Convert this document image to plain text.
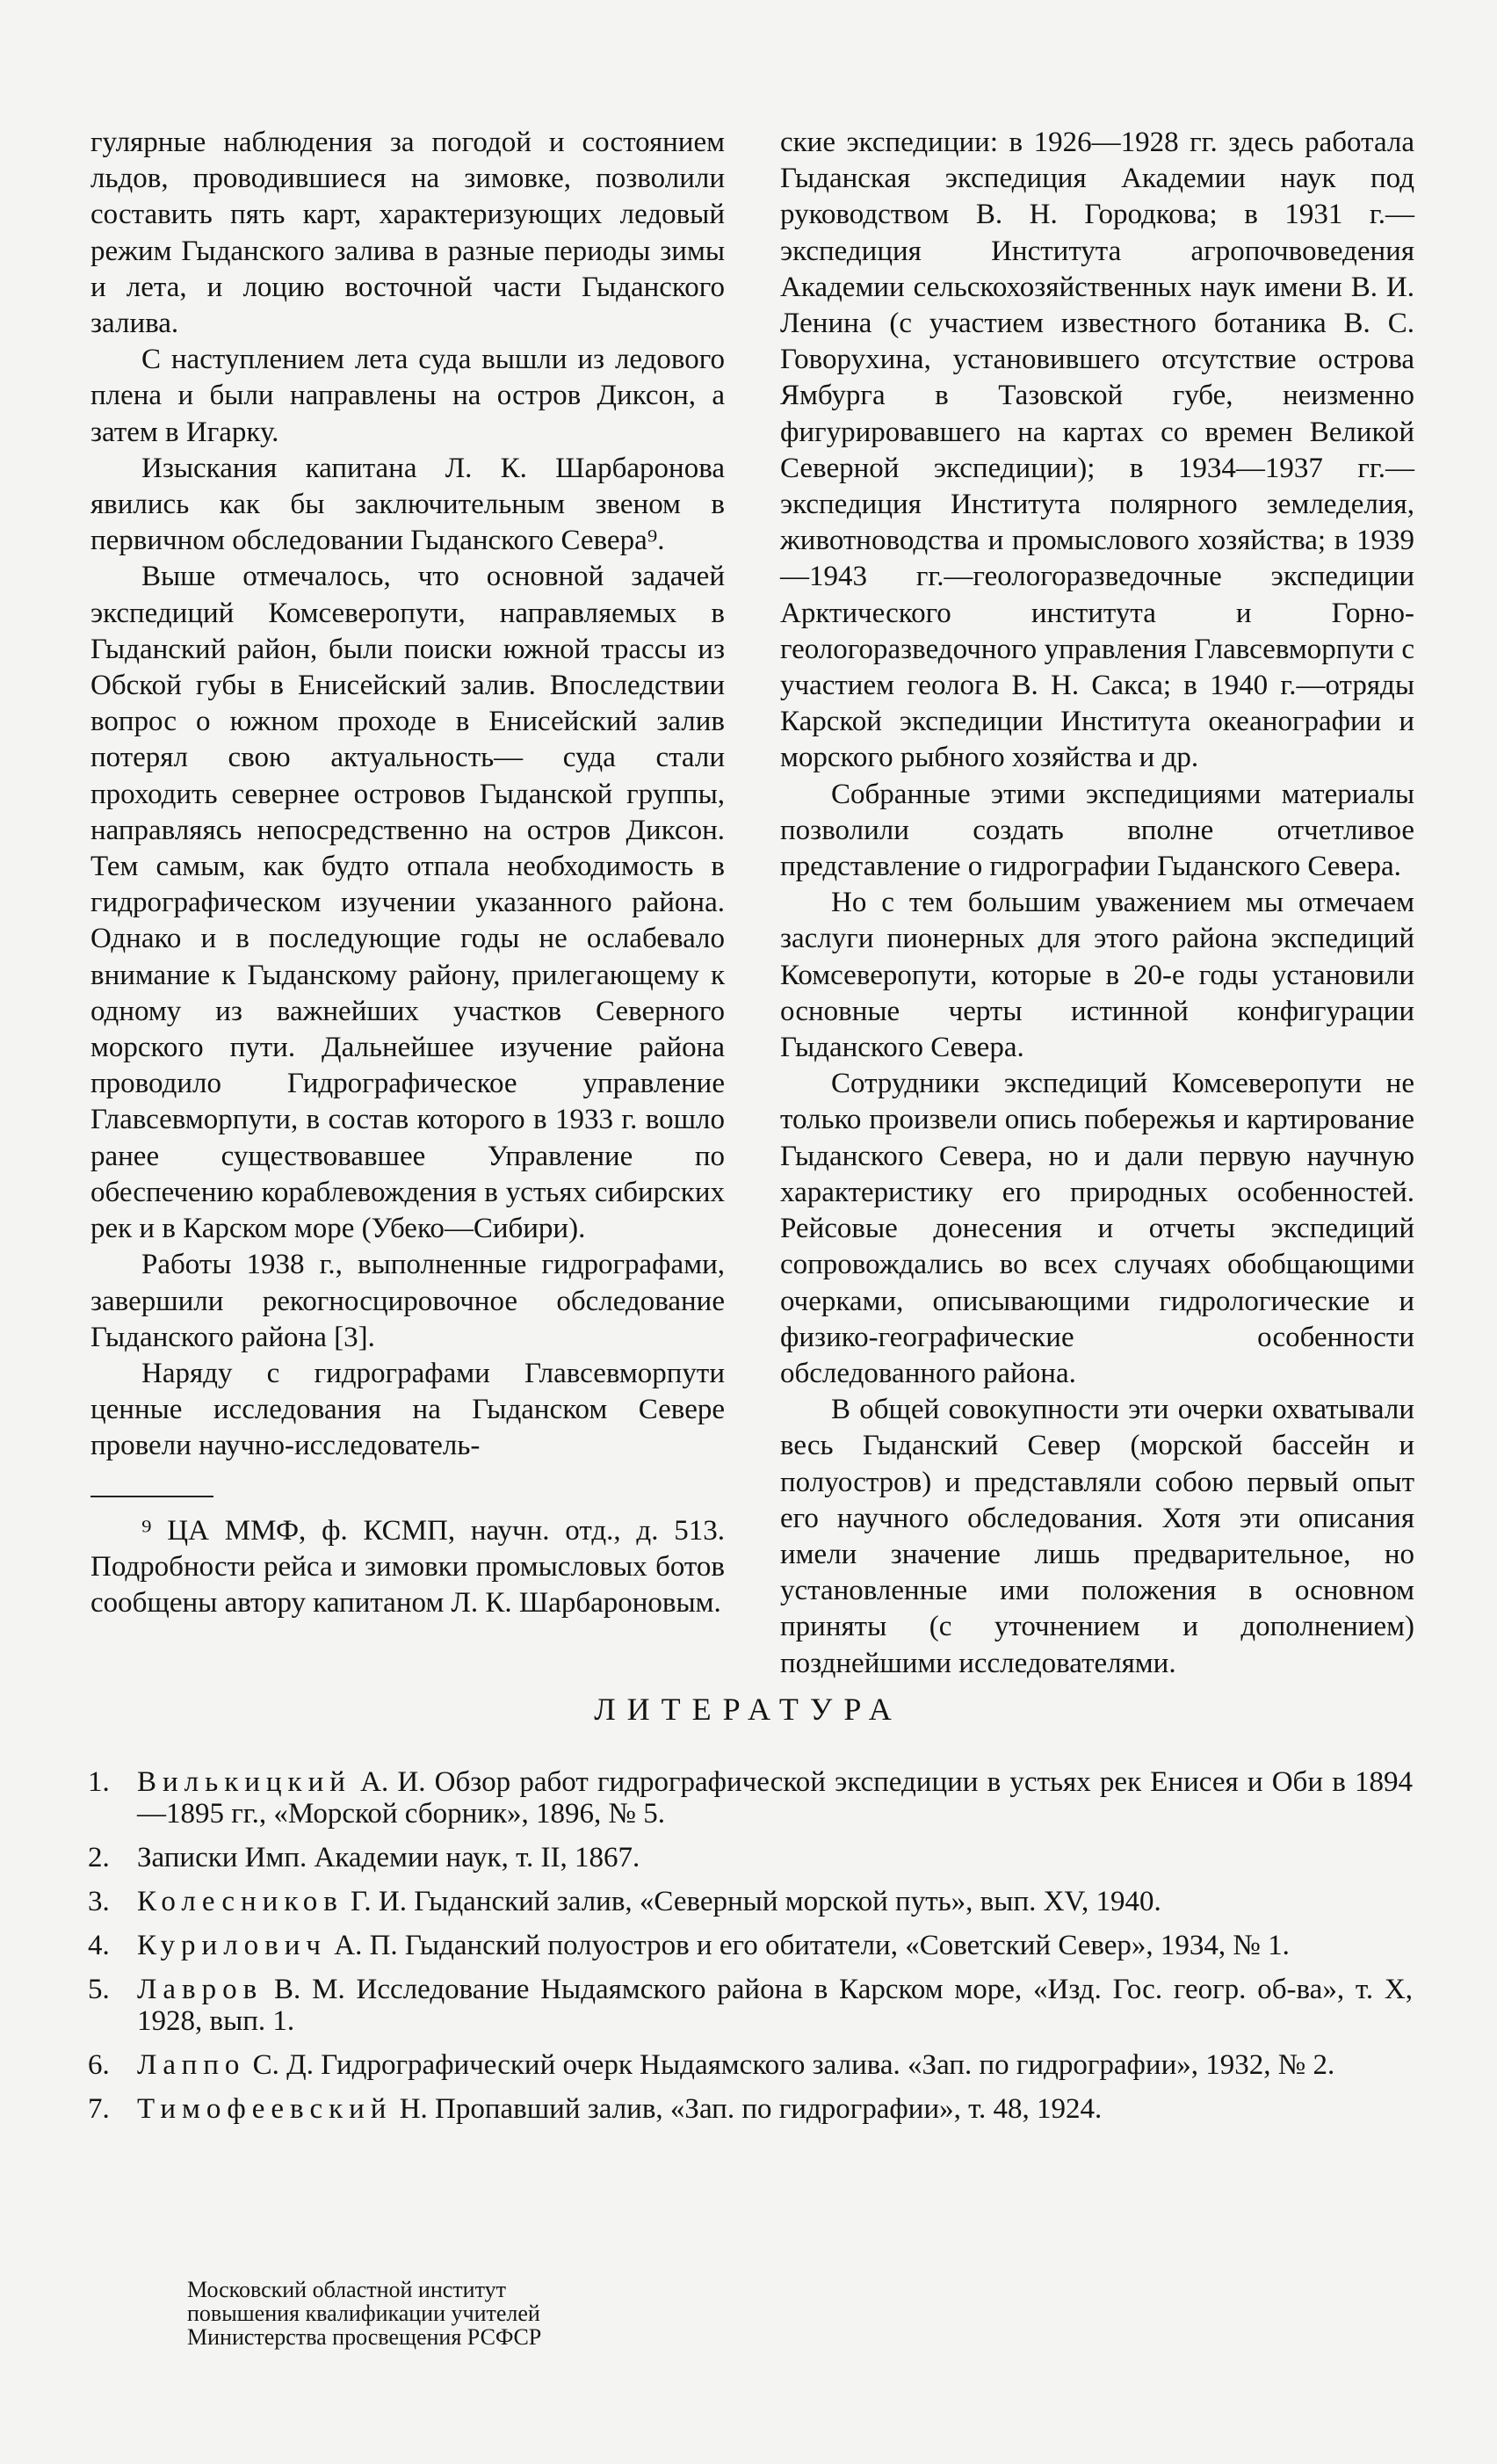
гулярные наблюдения за погодой и состоянием льдов, проводившиеся на зимовке, позволили составить пять карт, характеризующих ледовый режим Гыданского залива в разные периоды зимы и лета, и лоцию восточной части Гыданского залива.

С наступлением лета суда вышли из ледового плена и были направлены на остров Диксон, а затем в Игарку.

Изыскания капитана Л. К. Шарбаронова явились как бы заключительным звеном в первичном обследовании Гыданского Севера⁹.

Выше отмечалось, что основной задачей экспедиций Комсеверопути, направляемых в Гыданский район, были поиски южной трассы из Обской губы в Енисейский залив. Впоследствии вопрос о южном проходе в Енисейский залив потерял свою актуальность— суда стали проходить севернее островов Гыданской группы, направляясь непосредственно на остров Диксон. Тем самым, как будто отпала необходимость в гидрографическом изучении указанного района. Однако и в последующие годы не ослабевало внимание к Гыданскому району, прилегающему к одному из важнейших участков Северного морского пути. Дальнейшее изучение района проводило Гидрографическое управление Главсевморпути, в состав которого в 1933 г. вошло ранее существовавшее Управление по обеспечению кораблевождения в устьях сибирских рек и в Карском море (Убеко—Сибири).

Работы 1938 г., выполненные гидрографами, завершили рекогносцировочное обследование Гыданского района [3].

Наряду с гидрографами Главсевморпути ценные исследования на Гыданском Севере провели научно-исследователь-

⁹ ЦА ММФ, ф. КСМП, научн. отд., д. 513. Подробности рейса и зимовки промысловых ботов сообщены автору капитаном Л. К. Шарбароновым.

ские экспедиции: в 1926—1928 гг. здесь работала Гыданская экспедиция Академии наук под руководством В. Н. Городкова; в 1931 г.—экспедиция Института агропочвоведения Академии сельскохозяйственных наук имени В. И. Ленина (с участием известного ботаника В. С. Говорухина, установившего отсутствие острова Ямбурга в Тазовской губе, неизменно фигурировавшего на картах со времен Великой Северной экспедиции); в 1934—1937 гг.—экспедиция Института полярного земледелия, животноводства и промыслового хозяйства; в 1939—1943 гг.—геологоразведочные экспедиции Арктического института и Горно-геологоразведочного управления Главсевморпути с участием геолога В. Н. Сакса; в 1940 г.—отряды Карской экспедиции Института океанографии и морского рыбного хозяйства и др.

Собранные этими экспедициями материалы позволили создать вполне отчетливое представление о гидрографии Гыданского Севера.

Но с тем большим уважением мы отмечаем заслуги пионерных для этого района экспедиций Комсеверопути, которые в 20-е годы установили основные черты истинной конфигурации Гыданского Севера.

Сотрудники экспедиций Комсеверопути не только произвели опись побережья и картирование Гыданского Севера, но и дали первую научную характеристику его природных особенностей. Рейсовые донесения и отчеты экспедиций сопровождались во всех случаях обобщающими очерками, описывающими гидрологические и физико-географические особенности обследованного района.

В общей совокупности эти очерки охватывали весь Гыданский Север (морской бассейн и полуостров) и представляли собою первый опыт его научного обследования. Хотя эти описания имели значение лишь предварительное, но установленные ими положения в основном приняты (с уточнением и дополнением) позднейшими исследователями.

ЛИТЕРАТУРА
1. Вилькицкий А. И. Обзор работ гидрографической экспедиции в устьях рек Енисея и Оби в 1894—1895 гг., «Морской сборник», 1896, № 5.
2. Записки Имп. Академии наук, т. II, 1867.
3. Колесников Г. И. Гыданский залив, «Северный морской путь», вып. XV, 1940.
4. Курилович А. П. Гыданский полуостров и его обитатели, «Советский Север», 1934, № 1.
5. Лавров В. М. Исследование Ныдаямского района в Карском море, «Изд. Гос. геогр. об-ва», т. X, 1928, вып. 1.
6. Лаппо С. Д. Гидрографический очерк Ныдаямского залива. «Зап. по гидрографии», 1932, № 2.
7. Тимофеевский Н. Пропавший залив, «Зап. по гидрографии», т. 48, 1924.
Московский областной институт
повышения квалификации учителей
Министерства просвещения РСФСР
